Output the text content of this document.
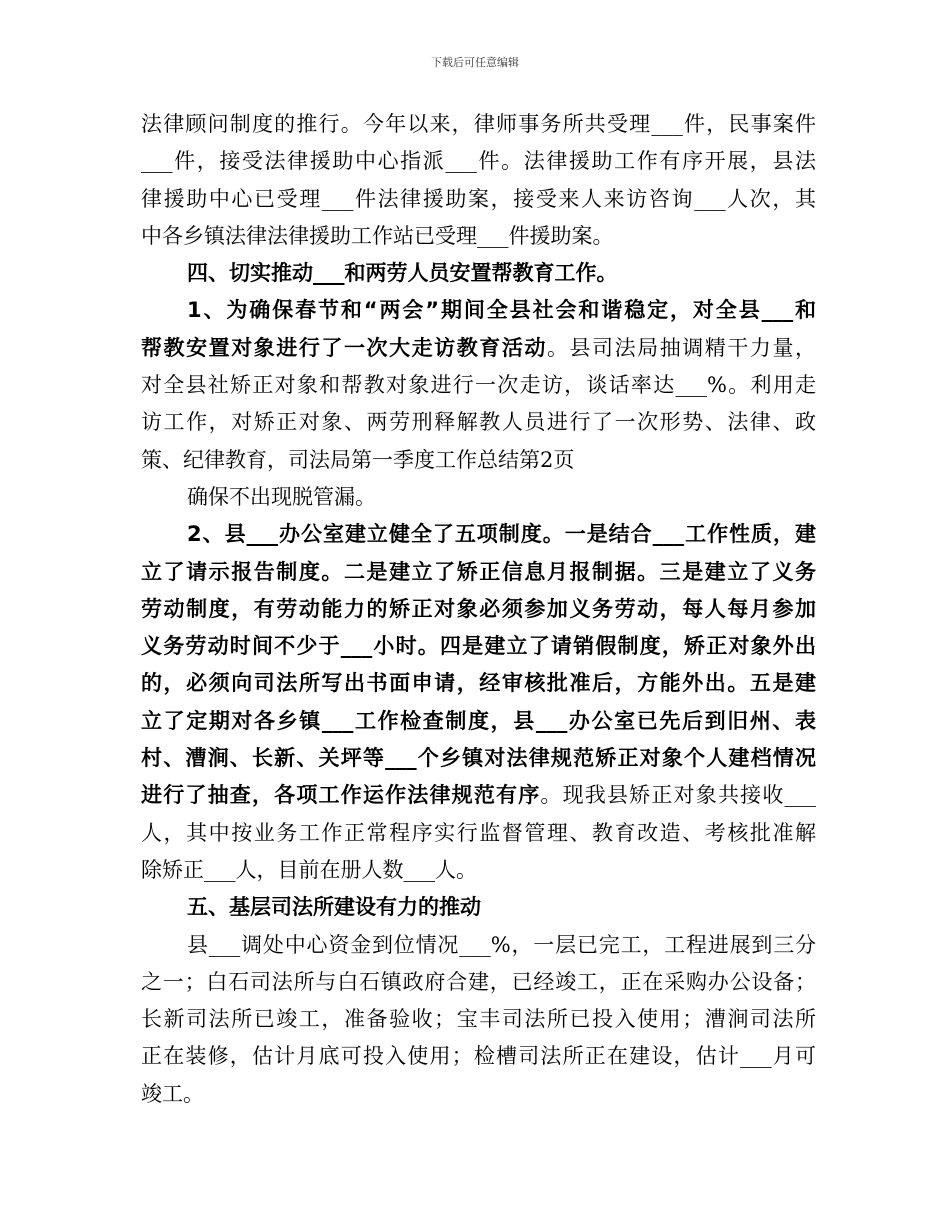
下载后可任意编辑
法律顾问制度的推行。今年以来，律师事务所共受理___件，民事案件
___件，接受法律援助中心指派___件。法律援助工作有序开展，县法
律援助中心已受理___件法律援助案，接受来人来访咨询___人次，其
中各乡镇法律法律援助工作站已受理___件援助案。
四、切实推动___和两劳人员安置帮教育工作。
1、为确保春节和“两会”期间全县社会和谐稳定，对全县___和
帮教安置对象进行了一次大走访教育活动。县司法局抽调精干力量，
对全县社矫正对象和帮教对象进行一次走访，谈话率达___%。利用走
访工作，对矫正对象、两劳刑释解教人员进行了一次形势、法律、政
策、纪律教育，司法局第一季度工作总结第2页
确保不出现脱管漏。
2、县___办公室建立健全了五项制度。一是结合___工作性质，建
立了请示报告制度。二是建立了矫正信息月报制据。三是建立了义务
劳动制度，有劳动能力的矫正对象必须参加义务劳动，每人每月参加
义务劳动时间不少于___小时。四是建立了请销假制度，矫正对象外出
的，必须向司法所写出书面申请，经审核批准后，方能外出。五是建
立了定期对各乡镇___工作检查制度，县___办公室已先后到旧州、表
村、漕涧、长新、关坪等___个乡镇对法律规范矫正对象个人建档情况
进行了抽查，各项工作运作法律规范有序。现我县矫正对象共接收___
人，其中按业务工作正常程序实行监督管理、教育改造、考核批准解
除矫正___人，目前在册人数___人。
五、基层司法所建设有力的推动
县___调处中心资金到位情况___%，一层已完工，工程进展到三分
之一；白石司法所与白石镇政府合建，已经竣工，正在采购办公设备；
长新司法所已竣工，准备验收；宝丰司法所已投入使用；漕涧司法所
正在装修，估计月底可投入使用；检槽司法所正在建设，估计___月可
竣工。
